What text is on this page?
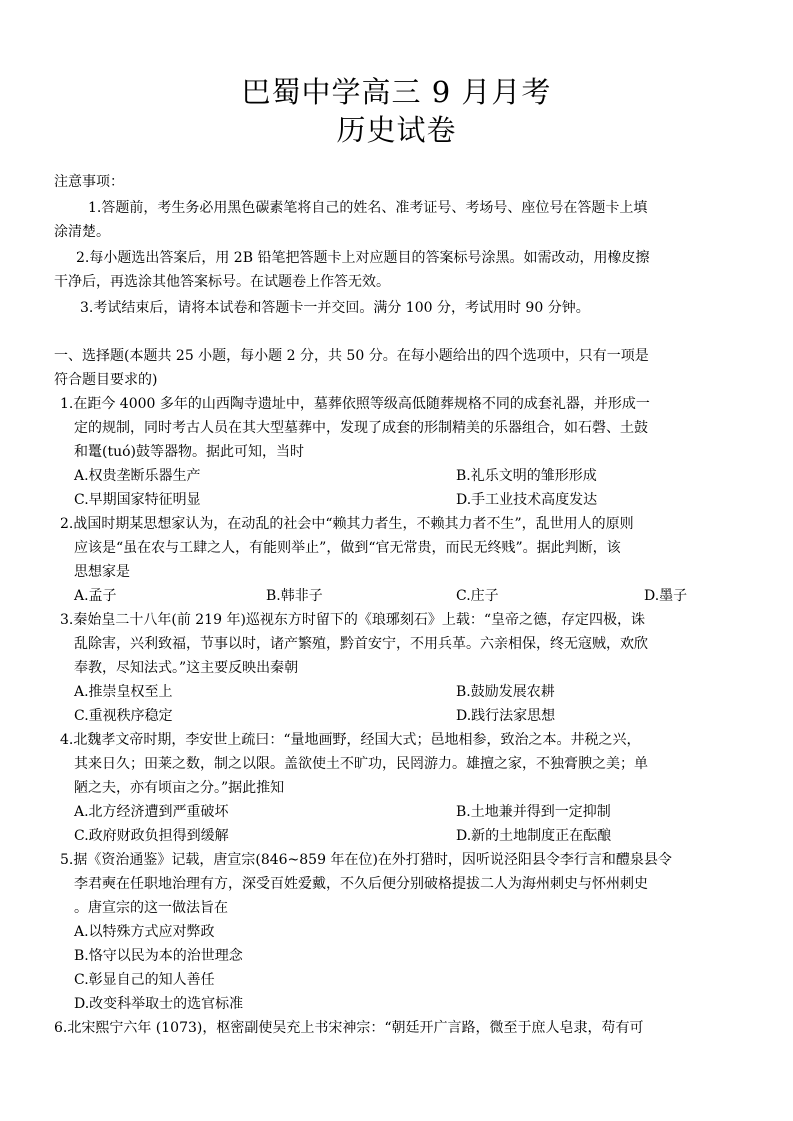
巴蜀中学高三 9 月月考
历史试卷
注意事项：
1.答题前，考生务必用黑色碳素笔将自己的姓名、准考证号、考场号、座位号在答题卡上填
涂清楚。
2.每小题选出答案后，用 2B 铅笔把答题卡上对应题目的答案标号涂黑。如需改动，用橡皮擦
干净后，再选涂其他答案标号。在试题卷上作答无效。
3.考试结束后，请将本试卷和答题卡一并交回。满分 100 分，考试用时 90 分钟。
一、选择题(本题共 25 小题，每小题 2 分，共 50 分。在每小题给出的四个选项中，只有一项是
符合题目要求的)
1.在距今 4000 多年的山西陶寺遗址中，墓葬依照等级高低随葬规格不同的成套礼器，并形成一
定的规制，同时考古人员在其大型墓葬中，发现了成套的形制精美的乐器组合，如石磬、土鼓
和鼍(tuó)鼓等器物。据此可知，当时
A.权贵垄断乐器生产	B.礼乐文明的雏形形成
C.早期国家特征明显	D.手工业技术高度发达
2.战国时期某思想家认为，在动乱的社会中“赖其力者生，不赖其力者不生”，乱世用人的原则
应该是“虽在农与工肆之人，有能则举止”，做到“官无常贵，而民无终贱”。据此判断，该
思想家是
A.孟子	B.韩非子	C.庄子	D.墨子
3.秦始皇二十八年(前 219 年)巡视东方时留下的《琅琊刻石》上载：“皇帝之德，存定四极，诛
乱除害，兴利致福，节事以时，诸产繁殖，黔首安宁，不用兵革。六亲相保，终无寇贼，欢欣
奉教，尽知法式。”这主要反映出秦朝
A.推崇皇权至上	B.鼓励发展农耕
C.重视秩序稳定	D.践行法家思想
4.北魏孝文帝时期，李安世上疏曰：“量地画野，经国大式；邑地相参，致治之本。井税之兴，
其来日久；田莱之数，制之以限。盖欲使土不旷功，民罔游力。雄擅之家，不独膏腴之美；单
陋之夫，亦有顷亩之分。”据此推知
A.北方经济遭到严重破坏	B.土地兼并得到一定抑制
C.政府财政负担得到缓解	D.新的土地制度正在酝酿
5.据《资治通鉴》记载，唐宣宗(846~859 年在位)在外打猎时，因听说泾阳县令李行言和醴泉县令
李君奭在任职地治理有方，深受百姓爱戴，不久后便分别破格提拔二人为海州刺史与怀州刺史
。唐宣宗的这一做法旨在
A.以特殊方式应对弊政
B.恪守以民为本的治世理念
C.彰显自己的知人善任
D.改变科举取士的选官标准
6.北宋熙宁六年 (1073)，枢密副使吴充上书宋神宗：“朝廷开广言路，微至于庶人皂隶，苟有可
